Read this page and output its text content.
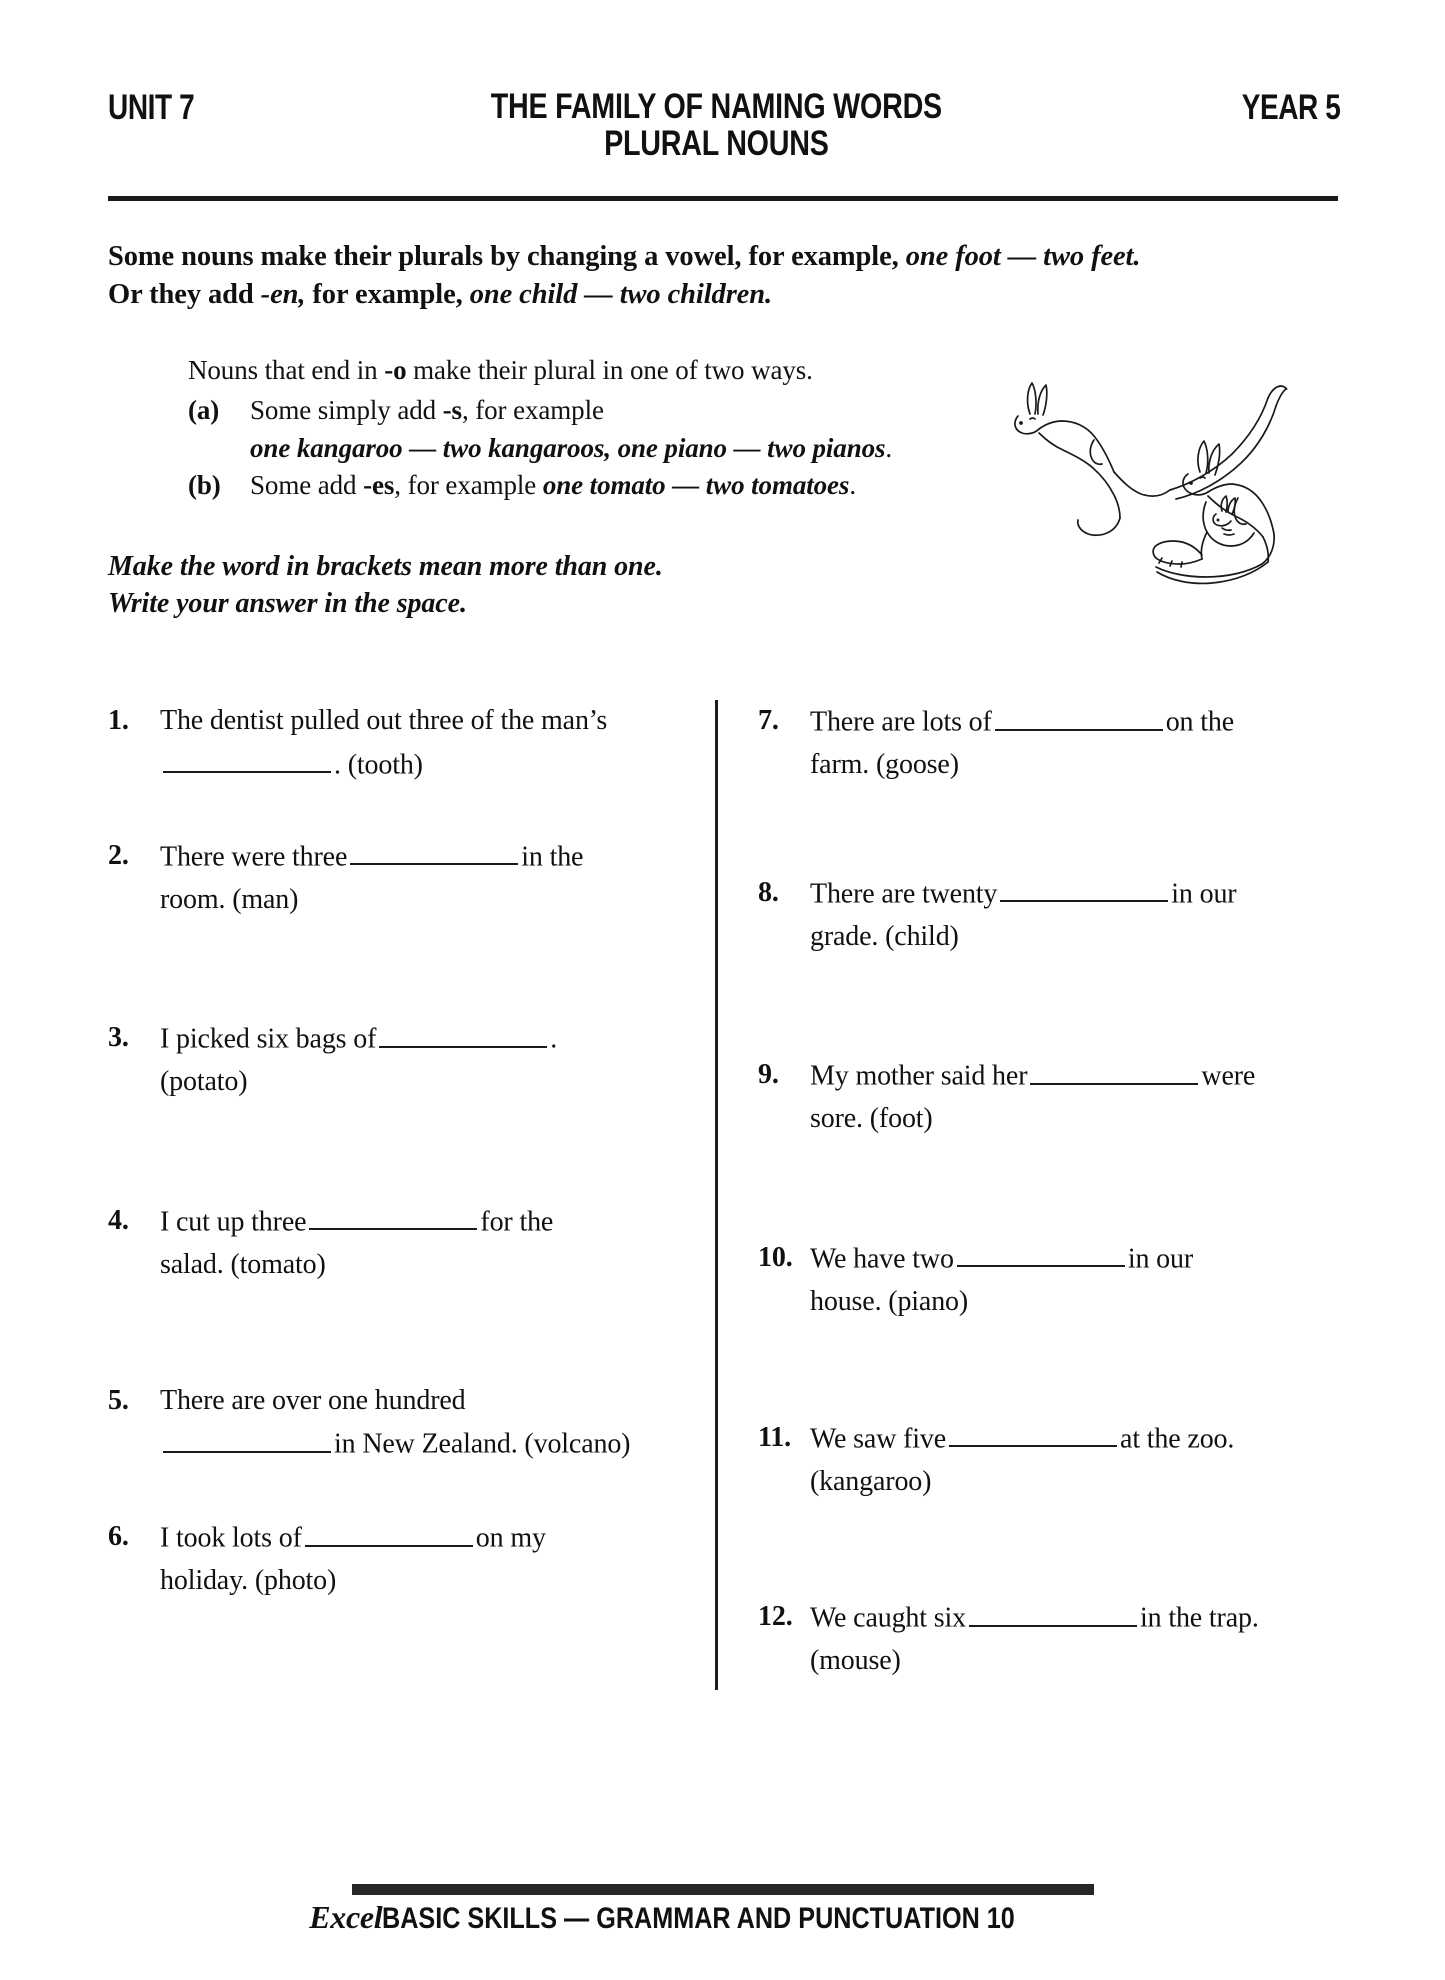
UNIT 7	THE FAMILY OF NAMING WORDS
PLURAL NOUNS
YEAR 5
Some nouns make their plurals by changing a vowel, for example, one foot — two feet.
Or they add -en, for example, one child — two children.
Nouns that end in -o make their plural in one of two ways.
(a)	Some simply add -s, for example
one kangaroo — two kangaroos, one piano — two pianos.
(b)	Some add -es, for example one tomato — two tomatoes.
Make the word in brackets mean more than one.
Write your answer in the space.
1.	The dentist pulled out three of the man’s
. (tooth)
2.	There were three	in the
room. (man)
3.	I picked six bags of	.
(potato)
4.	I cut up three	for the
salad. (tomato)
5.	There are over one hundred
in New Zealand. (volcano)
6.	I took lots of	on my
holiday. (photo)
7.	There are lots of	on the
farm. (goose)
8.	There are twenty	in our
grade. (child)
9.	My mother said her	were
sore. (foot)
10. We have two	in our
house. (piano)
11. We saw five	at the zoo.
(kangaroo)
12. We caught six	in the trap.
(mouse)
ExcelBASIC SKILLS — GRAMMAR AND PUNCTUATION 10
